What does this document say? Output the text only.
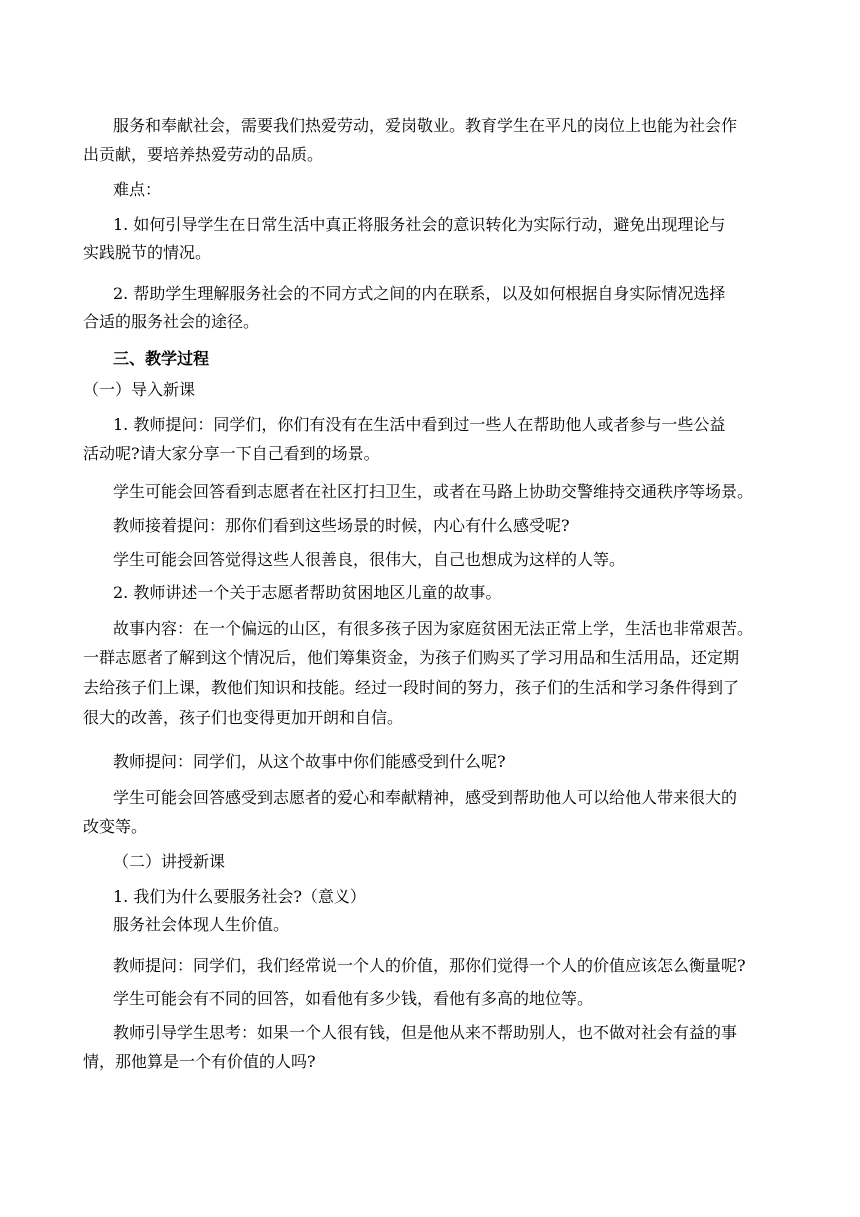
服务和奉献社会，需要我们热爱劳动，爱岗敬业。教育学生在平凡的岗位上也能为社会作

出贡献，要培养热爱劳动的品质。

难点：

1. 如何引导学生在日常生活中真正将服务社会的意识转化为实际行动，避免出现理论与

实践脱节的情况。

2. 帮助学生理解服务社会的不同方式之间的内在联系，以及如何根据自身实际情况选择

合适的服务社会的途径。

三、教学过程

（一）导入新课

1. 教师提问：同学们，你们有没有在生活中看到过一些人在帮助他人或者参与一些公益

活动呢?请大家分享一下自己看到的场景。

学生可能会回答看到志愿者在社区打扫卫生，或者在马路上协助交警维持交通秩序等场景。

教师接着提问：那你们看到这些场景的时候，内心有什么感受呢?

学生可能会回答觉得这些人很善良，很伟大，自己也想成为这样的人等。

2. 教师讲述一个关于志愿者帮助贫困地区儿童的故事。

故事内容：在一个偏远的山区，有很多孩子因为家庭贫困无法正常上学，生活也非常艰苦。

一群志愿者了解到这个情况后，他们筹集资金，为孩子们购买了学习用品和生活用品，还定期

去给孩子们上课，教他们知识和技能。经过一段时间的努力，孩子们的生活和学习条件得到了

很大的改善，孩子们也变得更加开朗和自信。

教师提问：同学们，从这个故事中你们能感受到什么呢?

学生可能会回答感受到志愿者的爱心和奉献精神，感受到帮助他人可以给他人带来很大的

改变等。

（二）讲授新课

1. 我们为什么要服务社会?（意义）

服务社会体现人生价值。

教师提问：同学们，我们经常说一个人的价值，那你们觉得一个人的价值应该怎么衡量呢?

学生可能会有不同的回答，如看他有多少钱，看他有多高的地位等。

教师引导学生思考：如果一个人很有钱，但是他从来不帮助别人，也不做对社会有益的事

情，那他算是一个有价值的人吗?
